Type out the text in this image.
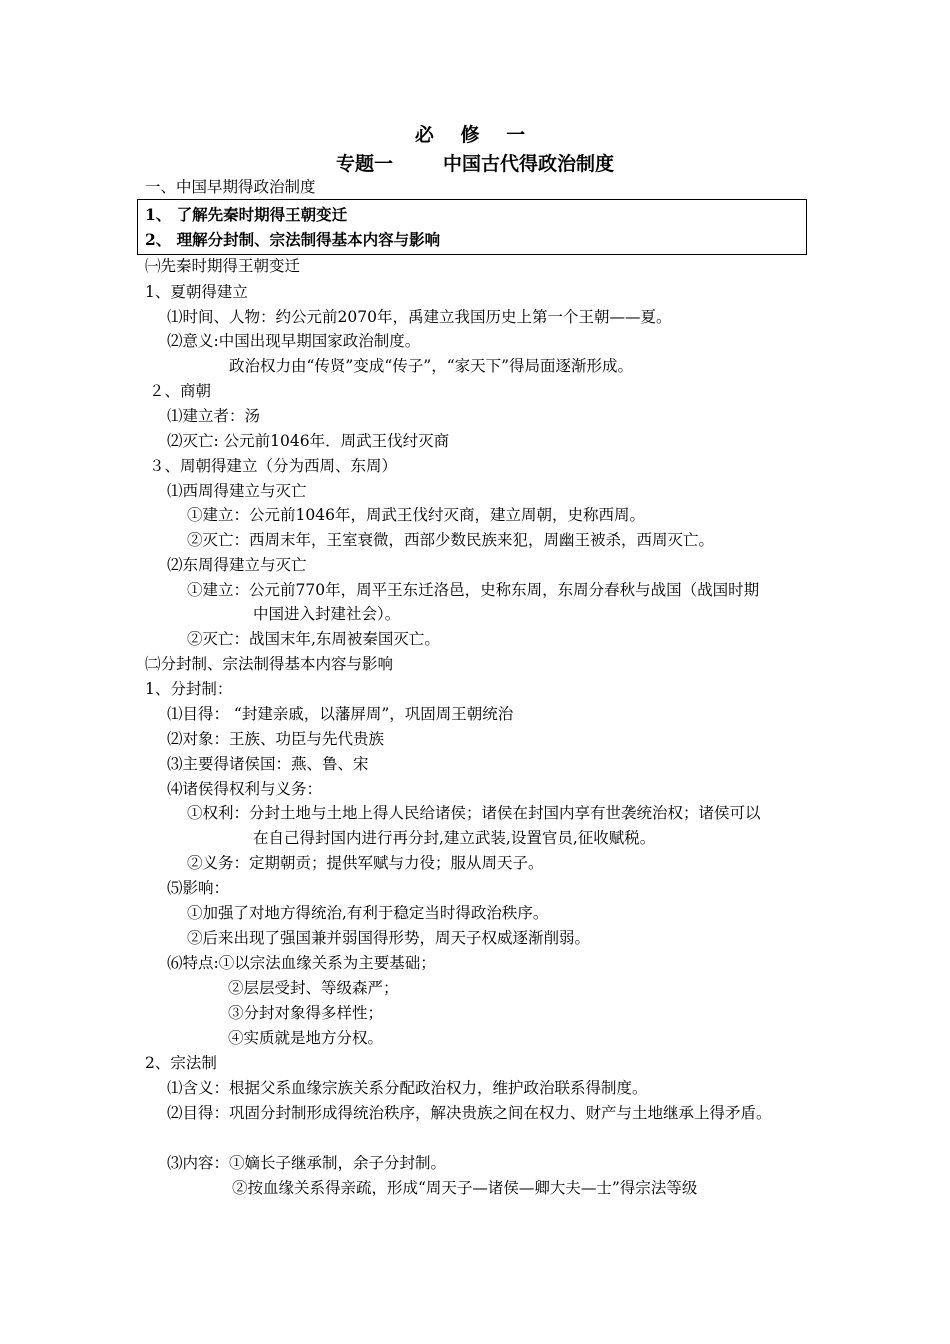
必 修 一
专题一	中国古代得政治制度
一、中国早期得政治制度
1、 了解先秦时期得王朝变迁
2、 理解分封制、宗法制得基本内容与影响
㈠先秦时期得王朝变迁
1、夏朝得建立
⑴时间、人物：约公元前2070年，禹建立我国历史上第一个王朝——夏。
⑵意义:中国出现早期国家政治制度。
政治权力由“传贤”变成“传子”，“家天下”得局面逐渐形成。
２、商朝
⑴建立者：汤
⑵灭亡: 公元前1046年．周武王伐纣灭商
３、周朝得建立（分为西周、东周）
⑴西周得建立与灭亡
①建立：公元前1046年，周武王伐纣灭商，建立周朝，史称西周。
②灭亡：西周末年，王室衰微，西部少数民族来犯，周幽王被杀，西周灭亡。
⑵东周得建立与灭亡
①建立：公元前770年，周平王东迁洛邑，史称东周，东周分春秋与战国（战国时期
中国进入封建社会）。
②灭亡：战国末年,东周被秦国灭亡。
㈡分封制、宗法制得基本内容与影响
1、分封制：
⑴目得： “封建亲戚，以藩屏周”，巩固周王朝统治
⑵对象：王族、功臣与先代贵族
⑶主要得诸侯国：燕、鲁、宋
⑷诸侯得权利与义务：
①权利：分封土地与土地上得人民给诸侯；诸侯在封国内享有世袭统治权；诸侯可以
在自己得封国内进行再分封,建立武装,设置官员,征收赋税。
②义务：定期朝贡；提供军赋与力役；服从周天子。
⑸影响：
①加强了对地方得统治,有利于稳定当时得政治秩序。
②后来出现了强国兼并弱国得形势，周天子权威逐渐削弱。
⑹特点:①以宗法血缘关系为主要基础；
②层层受封、等级森严；
③分封对象得多样性；
④实质就是地方分权。
2、宗法制
⑴含义：根据父系血缘宗族关系分配政治权力，维护政治联系得制度。
⑵目得：巩固分封制形成得统治秩序，解决贵族之间在权力、财产与土地继承上得矛盾。
⑶内容：①嫡长子继承制，余子分封制。
②按血缘关系得亲疏，形成“周天子—诸侯—卿大夫—士”得宗法等级
